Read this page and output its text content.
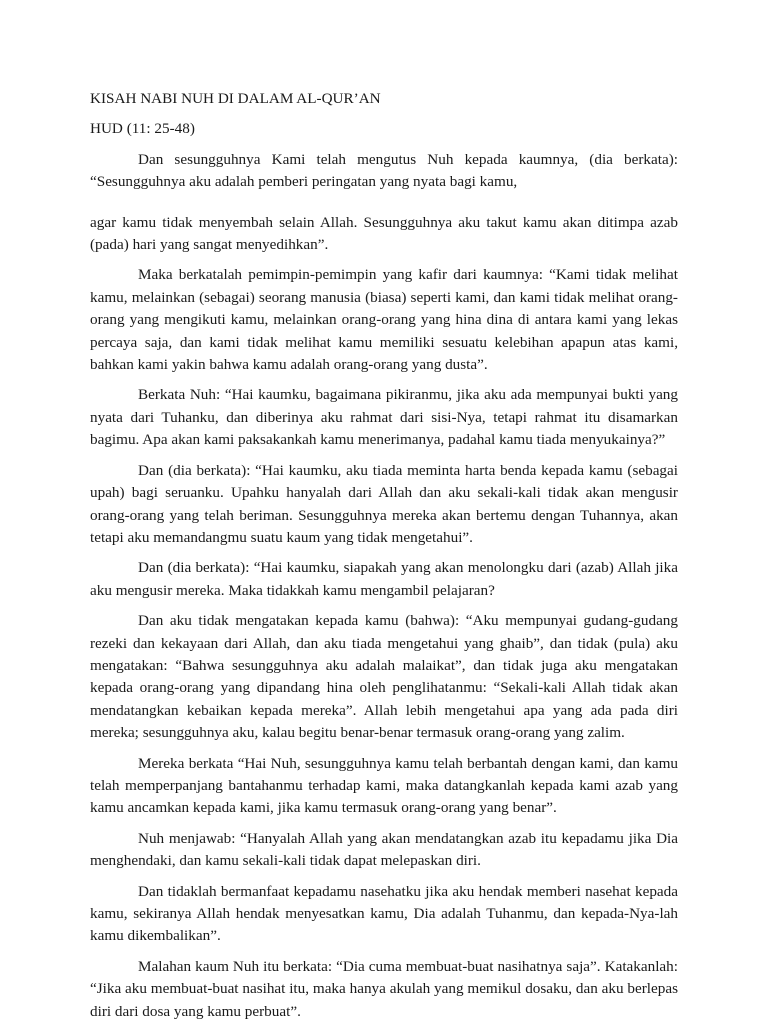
KISAH NABI NUH DI DALAM AL-QUR’AN

HUD (11: 25-48)

Dan sesungguhnya Kami telah mengutus Nuh kepada kaumnya, (dia berkata): “Sesungguhnya aku adalah pemberi peringatan yang nyata bagi kamu,

agar kamu tidak menyembah selain Allah. Sesungguhnya aku takut kamu akan ditimpa azab (pada) hari yang sangat menyedihkan”.

Maka berkatalah pemimpin-pemimpin yang kafir dari kaumnya: “Kami tidak melihat kamu, melainkan (sebagai) seorang manusia (biasa) seperti kami, dan kami tidak melihat orang-orang yang mengikuti kamu, melainkan orang-orang yang hina dina di antara kami yang lekas percaya saja, dan kami tidak melihat kamu memiliki sesuatu kelebihan apapun atas kami, bahkan kami yakin bahwa kamu adalah orang-orang yang dusta”.

Berkata Nuh: “Hai kaumku, bagaimana pikiranmu, jika aku ada mempunyai bukti yang nyata dari Tuhanku, dan diberinya aku rahmat dari sisi-Nya, tetapi rahmat itu disamarkan bagimu. Apa akan kami paksakankah kamu menerimanya, padahal kamu tiada menyukainya?”

Dan (dia berkata): “Hai kaumku, aku tiada meminta harta benda kepada kamu (sebagai upah) bagi seruanku. Upahku hanyalah dari Allah dan aku sekali-kali tidak akan mengusir orang-orang yang telah beriman. Sesungguhnya mereka akan bertemu dengan Tuhannya, akan tetapi aku memandangmu suatu kaum yang tidak mengetahui”.

Dan (dia berkata): “Hai kaumku, siapakah yang akan menolongku dari (azab) Allah jika aku mengusir mereka. Maka tidakkah kamu mengambil pelajaran?

Dan aku tidak mengatakan kepada kamu (bahwa): “Aku mempunyai gudang-gudang rezeki dan kekayaan dari Allah, dan aku tiada mengetahui yang ghaib”, dan tidak (pula) aku mengatakan: “Bahwa sesungguhnya aku adalah malaikat”, dan tidak juga aku mengatakan kepada orang-orang yang dipandang hina oleh penglihatanmu: “Sekali-kali Allah tidak akan mendatangkan kebaikan kepada mereka”. Allah lebih mengetahui apa yang ada pada diri mereka; sesungguhnya aku, kalau begitu benar-benar termasuk orang-orang yang zalim.

Mereka berkata “Hai Nuh, sesungguhnya kamu telah berbantah dengan kami, dan kamu telah memperpanjang bantahanmu terhadap kami, maka datangkanlah kepada kami azab yang kamu ancamkan kepada kami, jika kamu termasuk orang-orang yang benar”.

Nuh menjawab: “Hanyalah Allah yang akan mendatangkan azab itu kepadamu jika Dia menghendaki, dan kamu sekali-kali tidak dapat melepaskan diri.

Dan tidaklah bermanfaat kepadamu nasehatku jika aku hendak memberi nasehat kepada kamu, sekiranya Allah hendak menyesatkan kamu, Dia adalah Tuhanmu, dan kepada-Nya-lah kamu dikembalikan”.

Malahan kaum Nuh itu berkata: “Dia cuma membuat-buat nasihatnya saja”. Katakanlah: “Jika aku membuat-buat nasihat itu, maka hanya akulah yang memikul dosaku, dan aku berlepas diri dari dosa yang kamu perbuat”.
